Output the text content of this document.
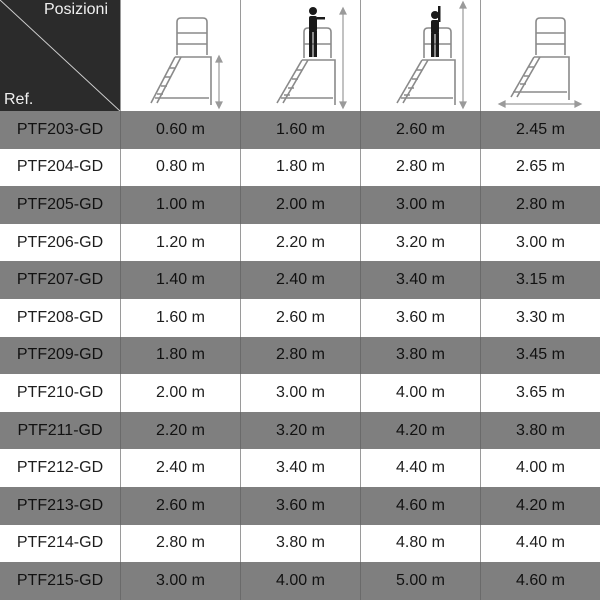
Posizioni
Ref.
PTF203-GD	0.60 m	1.60 m	2.60 m	2.45 m
PTF204-GD	0.80 m	1.80 m	2.80 m	2.65 m
PTF205-GD	1.00 m	2.00 m	3.00 m	2.80 m
PTF206-GD	1.20 m	2.20 m	3.20 m	3.00 m
PTF207-GD	1.40 m	2.40 m	3.40 m	3.15 m
PTF208-GD	1.60 m	2.60 m	3.60 m	3.30 m
PTF209-GD	1.80 m	2.80 m	3.80 m	3.45 m
PTF210-GD	2.00 m	3.00 m	4.00 m	3.65 m
PTF211-GD	2.20 m	3.20 m	4.20 m	3.80 m
PTF212-GD	2.40 m	3.40 m	4.40 m	4.00 m
PTF213-GD	2.60 m	3.60 m	4.60 m	4.20 m
PTF214-GD	2.80 m	3.80 m	4.80 m	4.40 m
PTF215-GD	3.00 m	4.00 m	5.00 m	4.60 m
